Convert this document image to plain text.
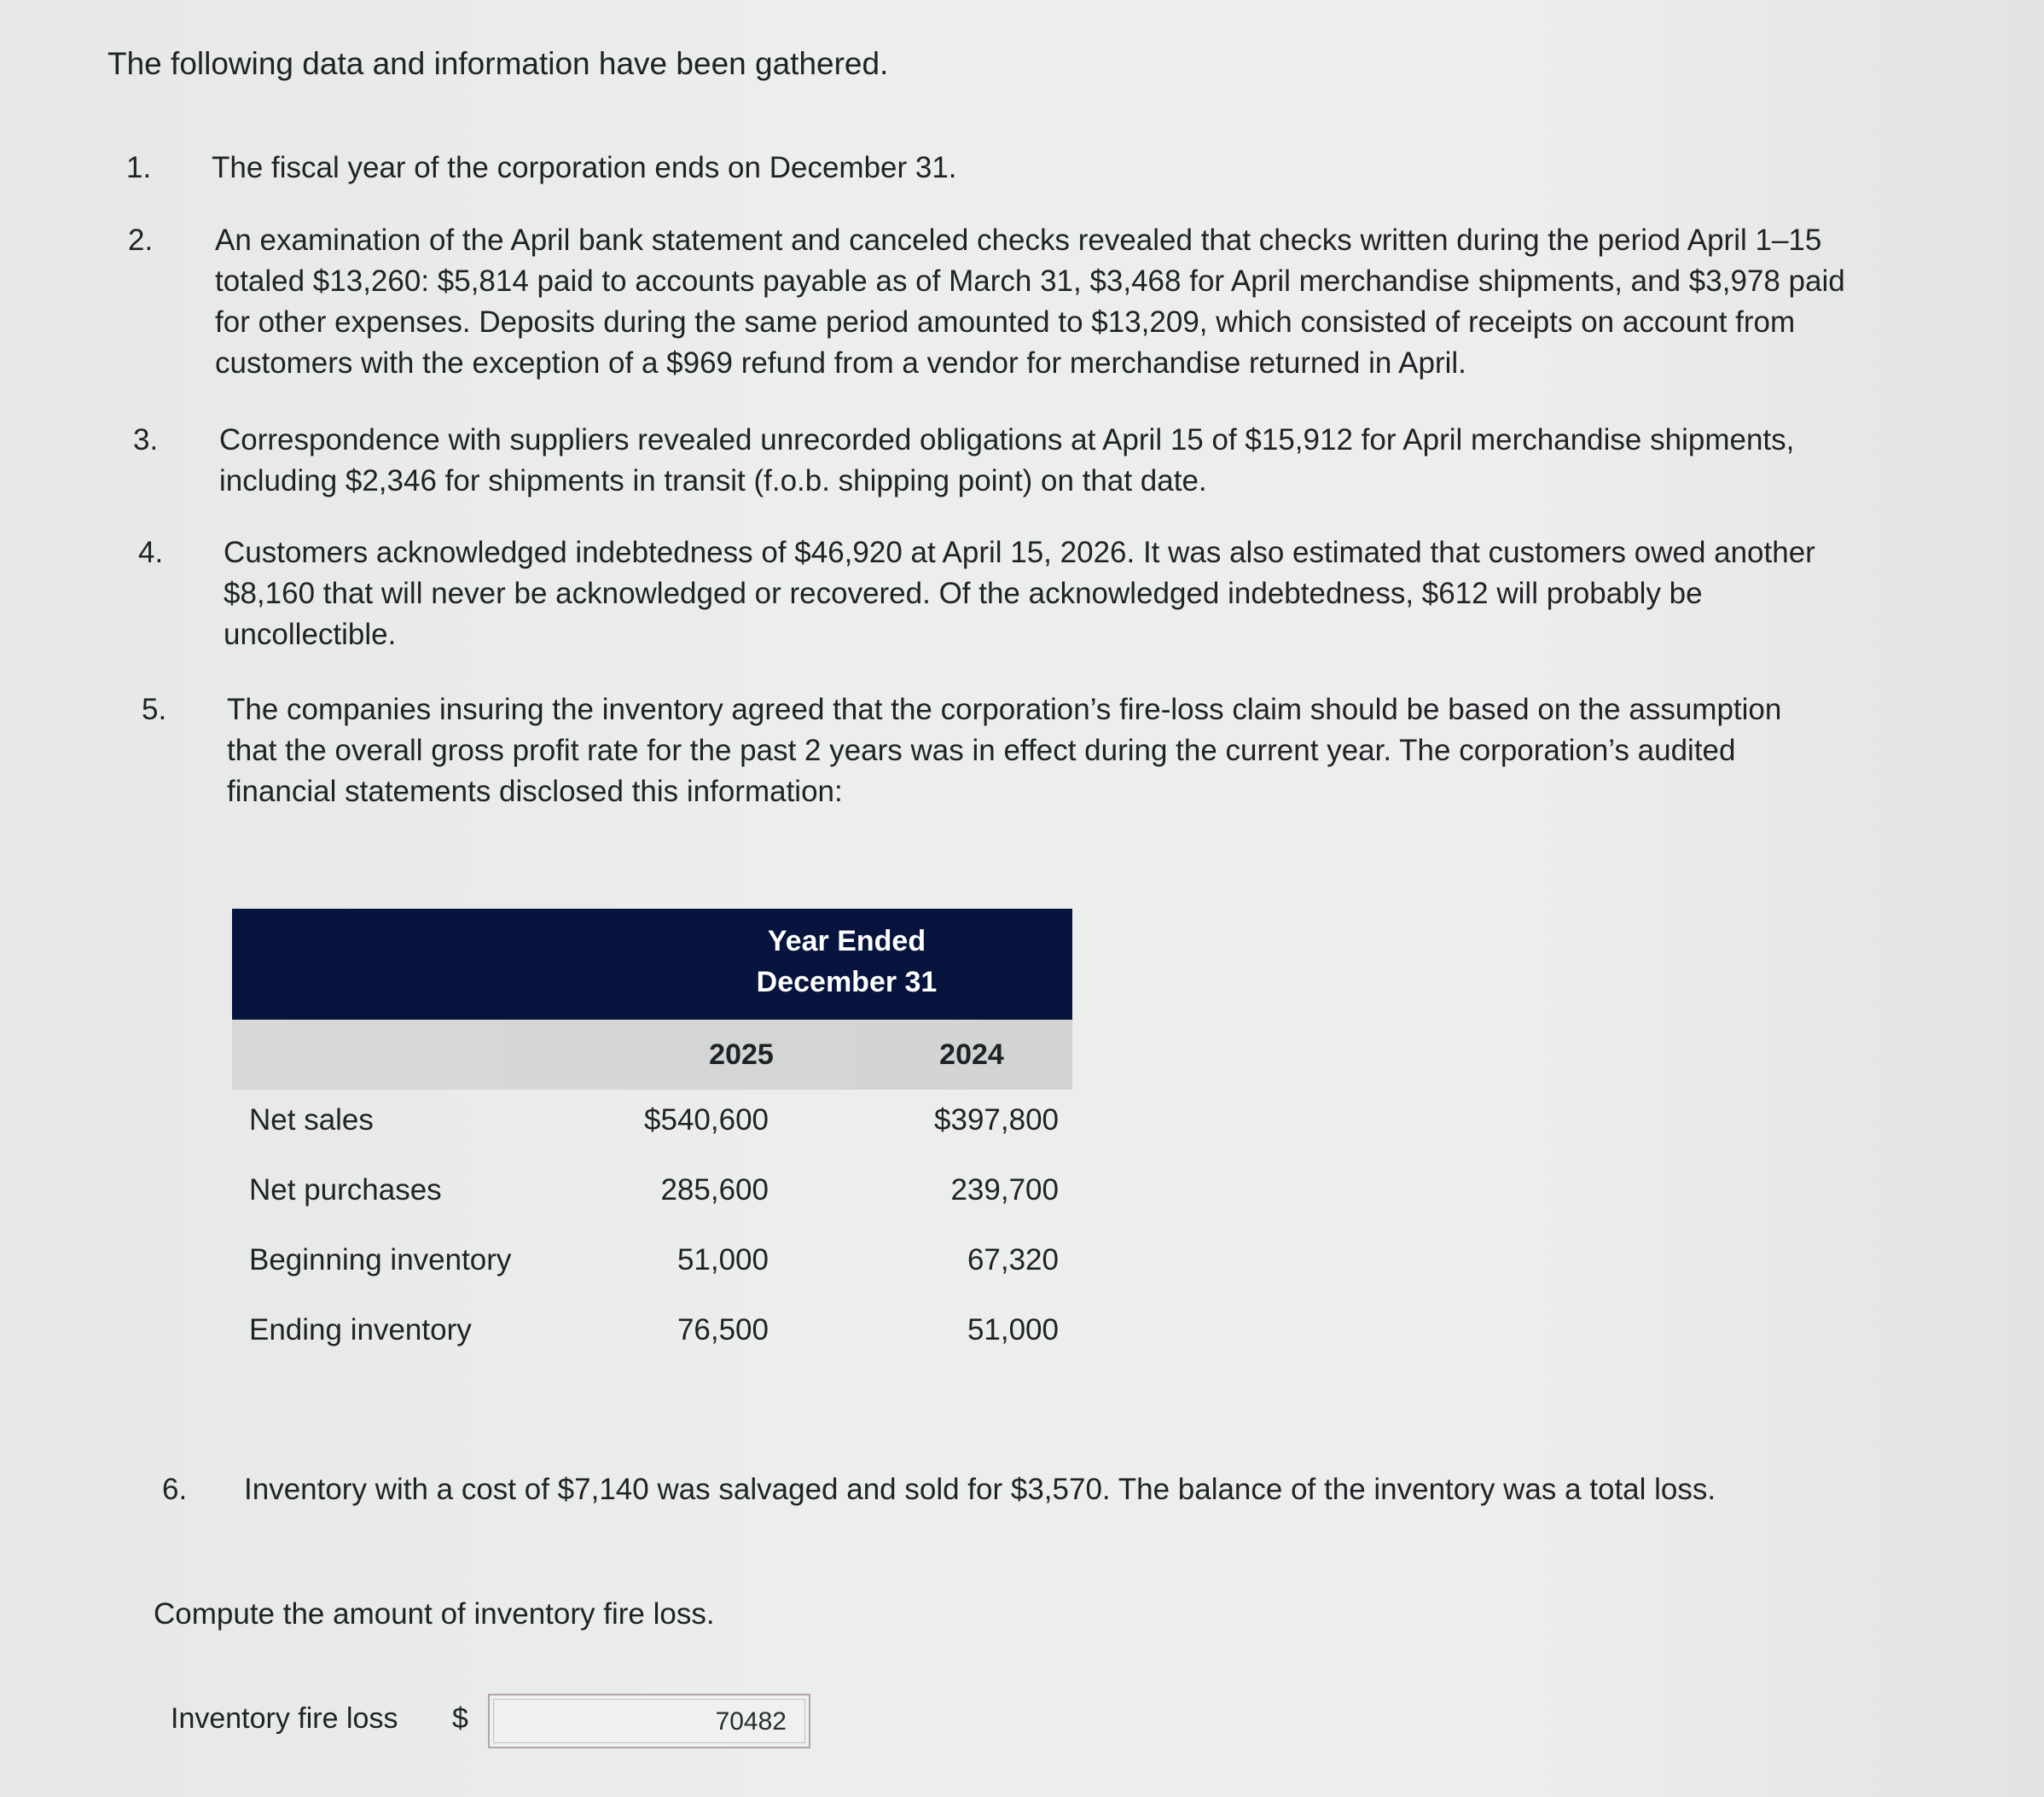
The following data and information have been gathered.
1. The fiscal year of the corporation ends on December 31.
2. An examination of the April bank statement and canceled checks revealed that checks written during the period April 1–15 totaled $13,260: $5,814 paid to accounts payable as of March 31, $3,468 for April merchandise shipments, and $3,978 paid for other expenses. Deposits during the same period amounted to $13,209, which consisted of receipts on account from customers with the exception of a $969 refund from a vendor for merchandise returned in April.
3. Correspondence with suppliers revealed unrecorded obligations at April 15 of $15,912 for April merchandise shipments, including $2,346 for shipments in transit (f.o.b. shipping point) on that date.
4. Customers acknowledged indebtedness of $46,920 at April 15, 2026. It was also estimated that customers owed another $8,160 that will never be acknowledged or recovered. Of the acknowledged indebtedness, $612 will probably be uncollectible.
5. The companies insuring the inventory agreed that the corporation’s fire-loss claim should be based on the assumption that the overall gross profit rate for the past 2 years was in effect during the current year. The corporation’s audited financial statements disclosed this information:
Year Ended
December 31
2025	2024
Net sales	$540,600	$397,800
Net purchases	285,600	239,700
Beginning inventory	51,000	67,320
Ending inventory	76,500	51,000
6. Inventory with a cost of $7,140 was salvaged and sold for $3,570. The balance of the inventory was a total loss.
Compute the amount of inventory fire loss.
Inventory fire loss $	70482
